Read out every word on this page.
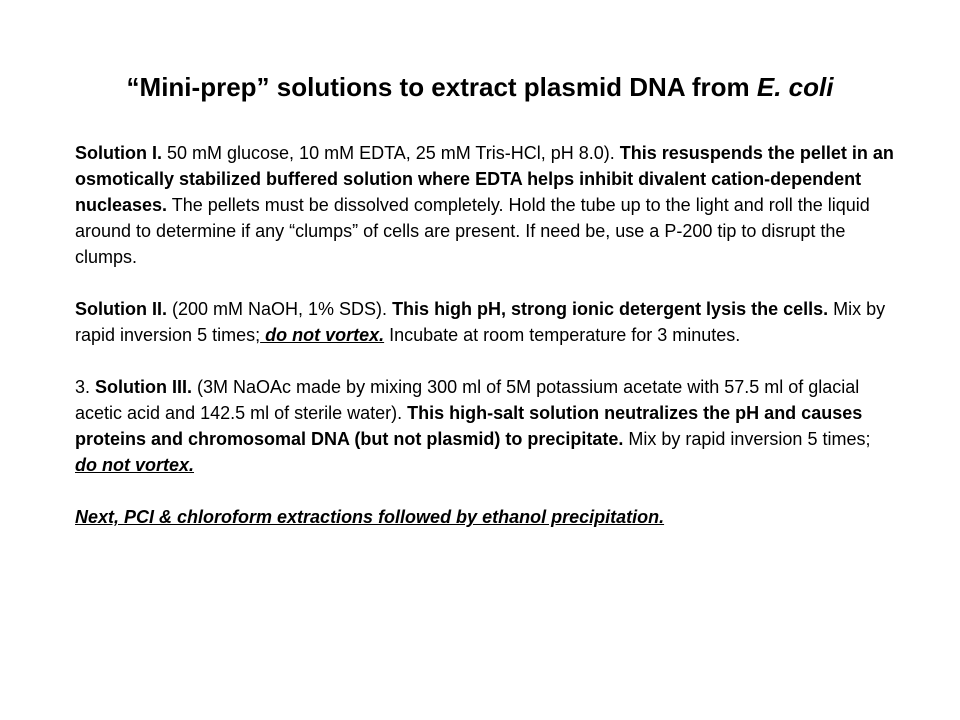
“Mini-prep” solutions to extract plasmid DNA from E. coli

Solution I. 50 mM glucose, 10 mM EDTA, 25 mM Tris-HCl, pH 8.0). This resuspends the pellet in an osmotically stabilized buffered solution where EDTA helps inhibit divalent cation-dependent nucleases. The pellets must be dissolved completely. Hold the tube up to the light and roll the liquid around to determine if any “clumps” of cells are present. If need be, use a P-200 tip to disrupt the clumps.

Solution II. (200 mM NaOH, 1% SDS). This high pH, strong ionic detergent lysis the cells. Mix by rapid inversion 5 times; do not vortex. Incubate at room temperature for 3 minutes.

3. Solution III. (3M NaOAc made by mixing 300 ml of 5M potassium acetate with 57.5 ml of glacial acetic acid and 142.5 ml of sterile water). This high-salt solution neutralizes the pH and causes proteins and chromosomal DNA (but not plasmid) to precipitate. Mix by rapid inversion 5 times; do not vortex.

Next, PCI & chloroform extractions followed by ethanol precipitation.
